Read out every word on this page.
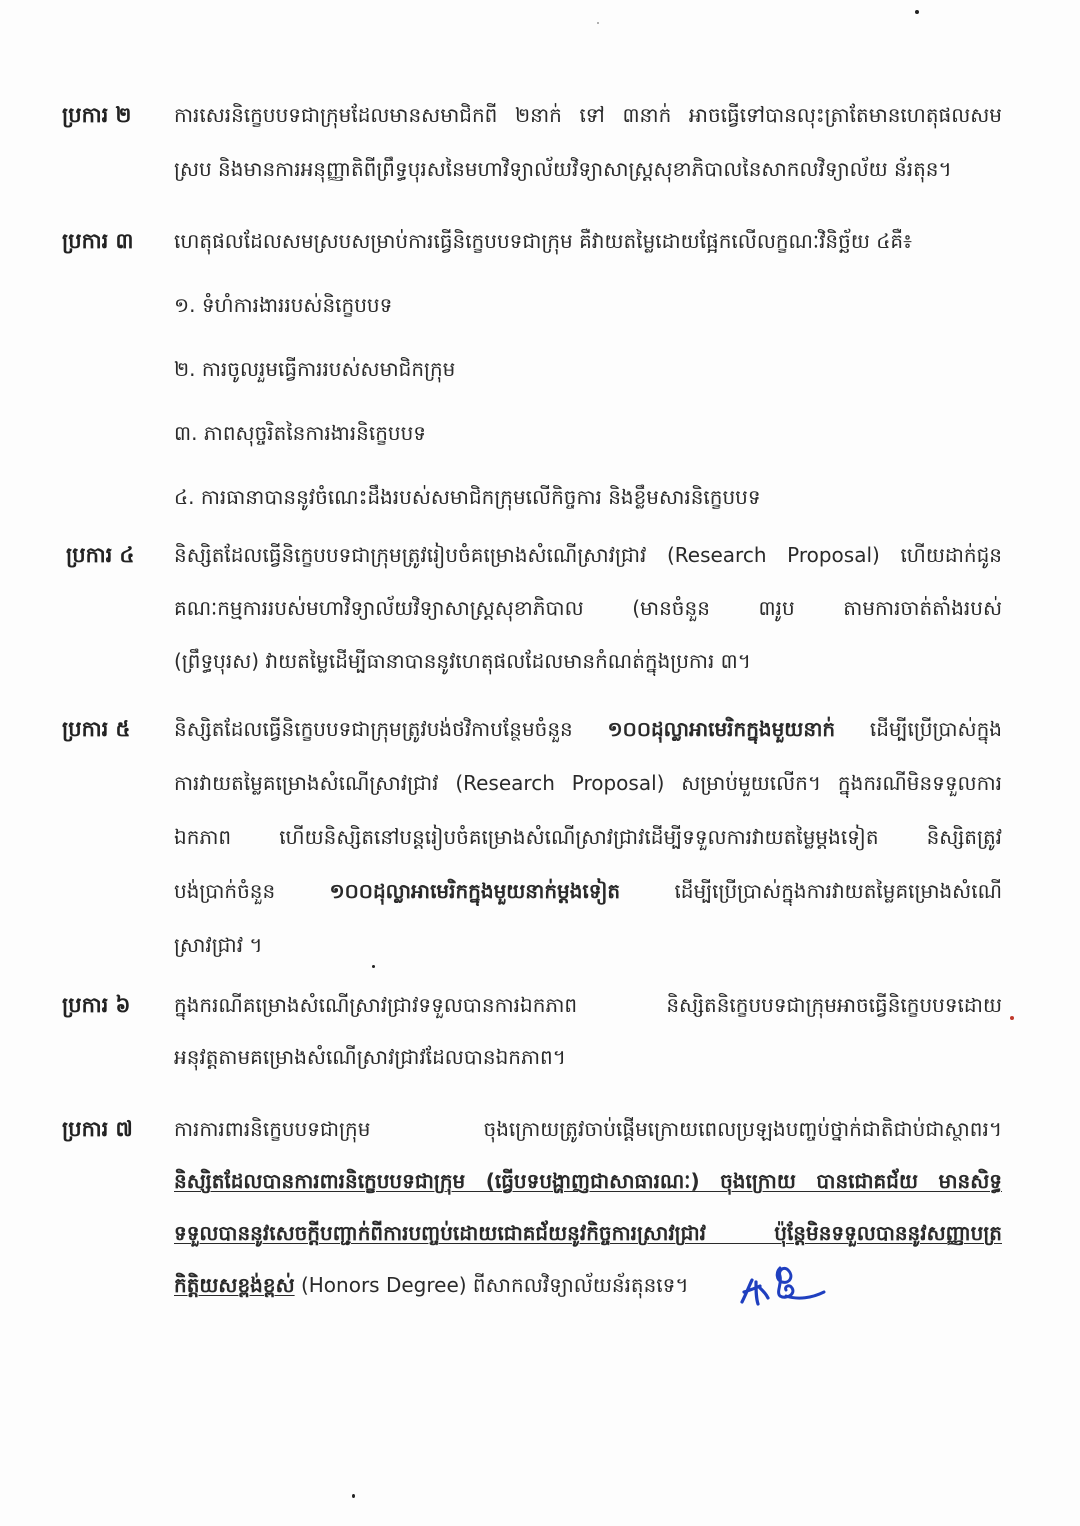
ប្រការ ២	ការសេរនិក្ខេបបទជាក្រុមដែលមានសមាជិកពី ២នាក់ ទៅ ៣នាក់ អាចធ្វើទៅបានលុះត្រាតែមានហេតុផលសម
ស្រប និងមានការអនុញ្ញាតិពីព្រឹទ្ធបុរសនៃមហាវិទ្យាល័យវិទ្យាសាស្ត្រសុខាភិបាលនៃសាកលវិទ្យាល័យ ន័រតុន។
ប្រការ ៣	ហេតុផលដែលសមស្របសម្រាប់ការធ្វើនិក្ខេបបទជាក្រុម គឺវាយតម្លៃដោយផ្អែកលើលក្ខណៈវិនិច្ឆ័យ ៤គឺ៖
១. ទំហំការងាររបស់និក្ខេបបទ
២. ការចូលរួមធ្វើការរបស់សមាជិកក្រុម
៣. ភាពសុច្ចរិតនៃការងារនិក្ខេបបទ
៤. ការធានាបាននូវចំណេះដឹងរបស់សមាជិកក្រុមលើកិច្ចការ និងខ្លឹមសារនិក្ខេបបទ
ប្រការ ៤	និស្សិតដែលធ្វើនិក្ខេបបទជាក្រុមត្រូវរៀបចំគម្រោងសំណើស្រាវជ្រាវ (Research Proposal) ហើយដាក់ជូន
គណៈកម្មការរបស់មហាវិទ្យាល័យវិទ្យាសាស្ត្រសុខាភិបាល (មានចំនួន ៣រូប តាមការចាត់តាំងរបស់
(ព្រឹទ្ធបុរស) វាយតម្លៃដើម្បីធានាបាននូវហេតុផលដែលមានកំណត់ក្នុងប្រការ ៣។
ប្រការ ៥	និស្សិតដែលធ្វើនិក្ខេបបទជាក្រុមត្រូវបង់ថវិកាបន្ថែមចំនួន ១០០ដុល្លាអាមេរិកក្នុងមួយនាក់ ដើម្បីប្រើប្រាស់ក្នុង
ការវាយតម្លៃគម្រោងសំណើស្រាវជ្រាវ (Research Proposal) សម្រាប់មួយលើក។ ក្នុងករណីមិនទទួលការ
ឯកភាព ហើយនិស្សិតនៅបន្តរៀបចំគម្រោងសំណើស្រាវជ្រាវដើម្បីទទួលការវាយតម្លៃម្តងទៀត និស្សិតត្រូវ
បង់ប្រាក់ចំនួន ១០០ដុល្លាអាមេរិកក្នុងមួយនាក់ម្តងទៀត ដើម្បីប្រើប្រាស់ក្នុងការវាយតម្លៃគម្រោងសំណើ
ស្រាវជ្រាវ ។
ប្រការ ៦	ក្នុងករណីគម្រោងសំណើស្រាវជ្រាវទទួលបានការឯកភាព និស្សិតនិក្ខេបបទជាក្រុមអាចធ្វើនិក្ខេបបទដោយ
អនុវត្តតាមគម្រោងសំណើស្រាវជ្រាវដែលបានឯកភាព។
ប្រការ ៧	ការការពារនិក្ខេបបទជាក្រុម ចុងក្រោយត្រូវចាប់ផ្តើមក្រោយពេលប្រឡងបញ្ចប់ថ្នាក់ជាតិជាប់ជាស្ថាពរ។
និស្សិតដែលបានការពារនិក្ខេបបទជាក្រុម (ធ្វើបទបង្ហាញជាសាធារណៈ) ចុងក្រោយ បានជោគជ័យ មានសិទ្ធ
ទទួលបាននូវសេចក្តីបញ្ជាក់ពីការបញ្ចប់ដោយជោគជ័យនូវកិច្ចការស្រាវជ្រាវ ប៉ុន្តែមិនទទួលបាននូវសញ្ញាបត្រ
កិត្តិយសខ្ពង់ខ្ពស់ (Honors Degree) ពីសាកលវិទ្យាល័យន័រតុនទេ។
